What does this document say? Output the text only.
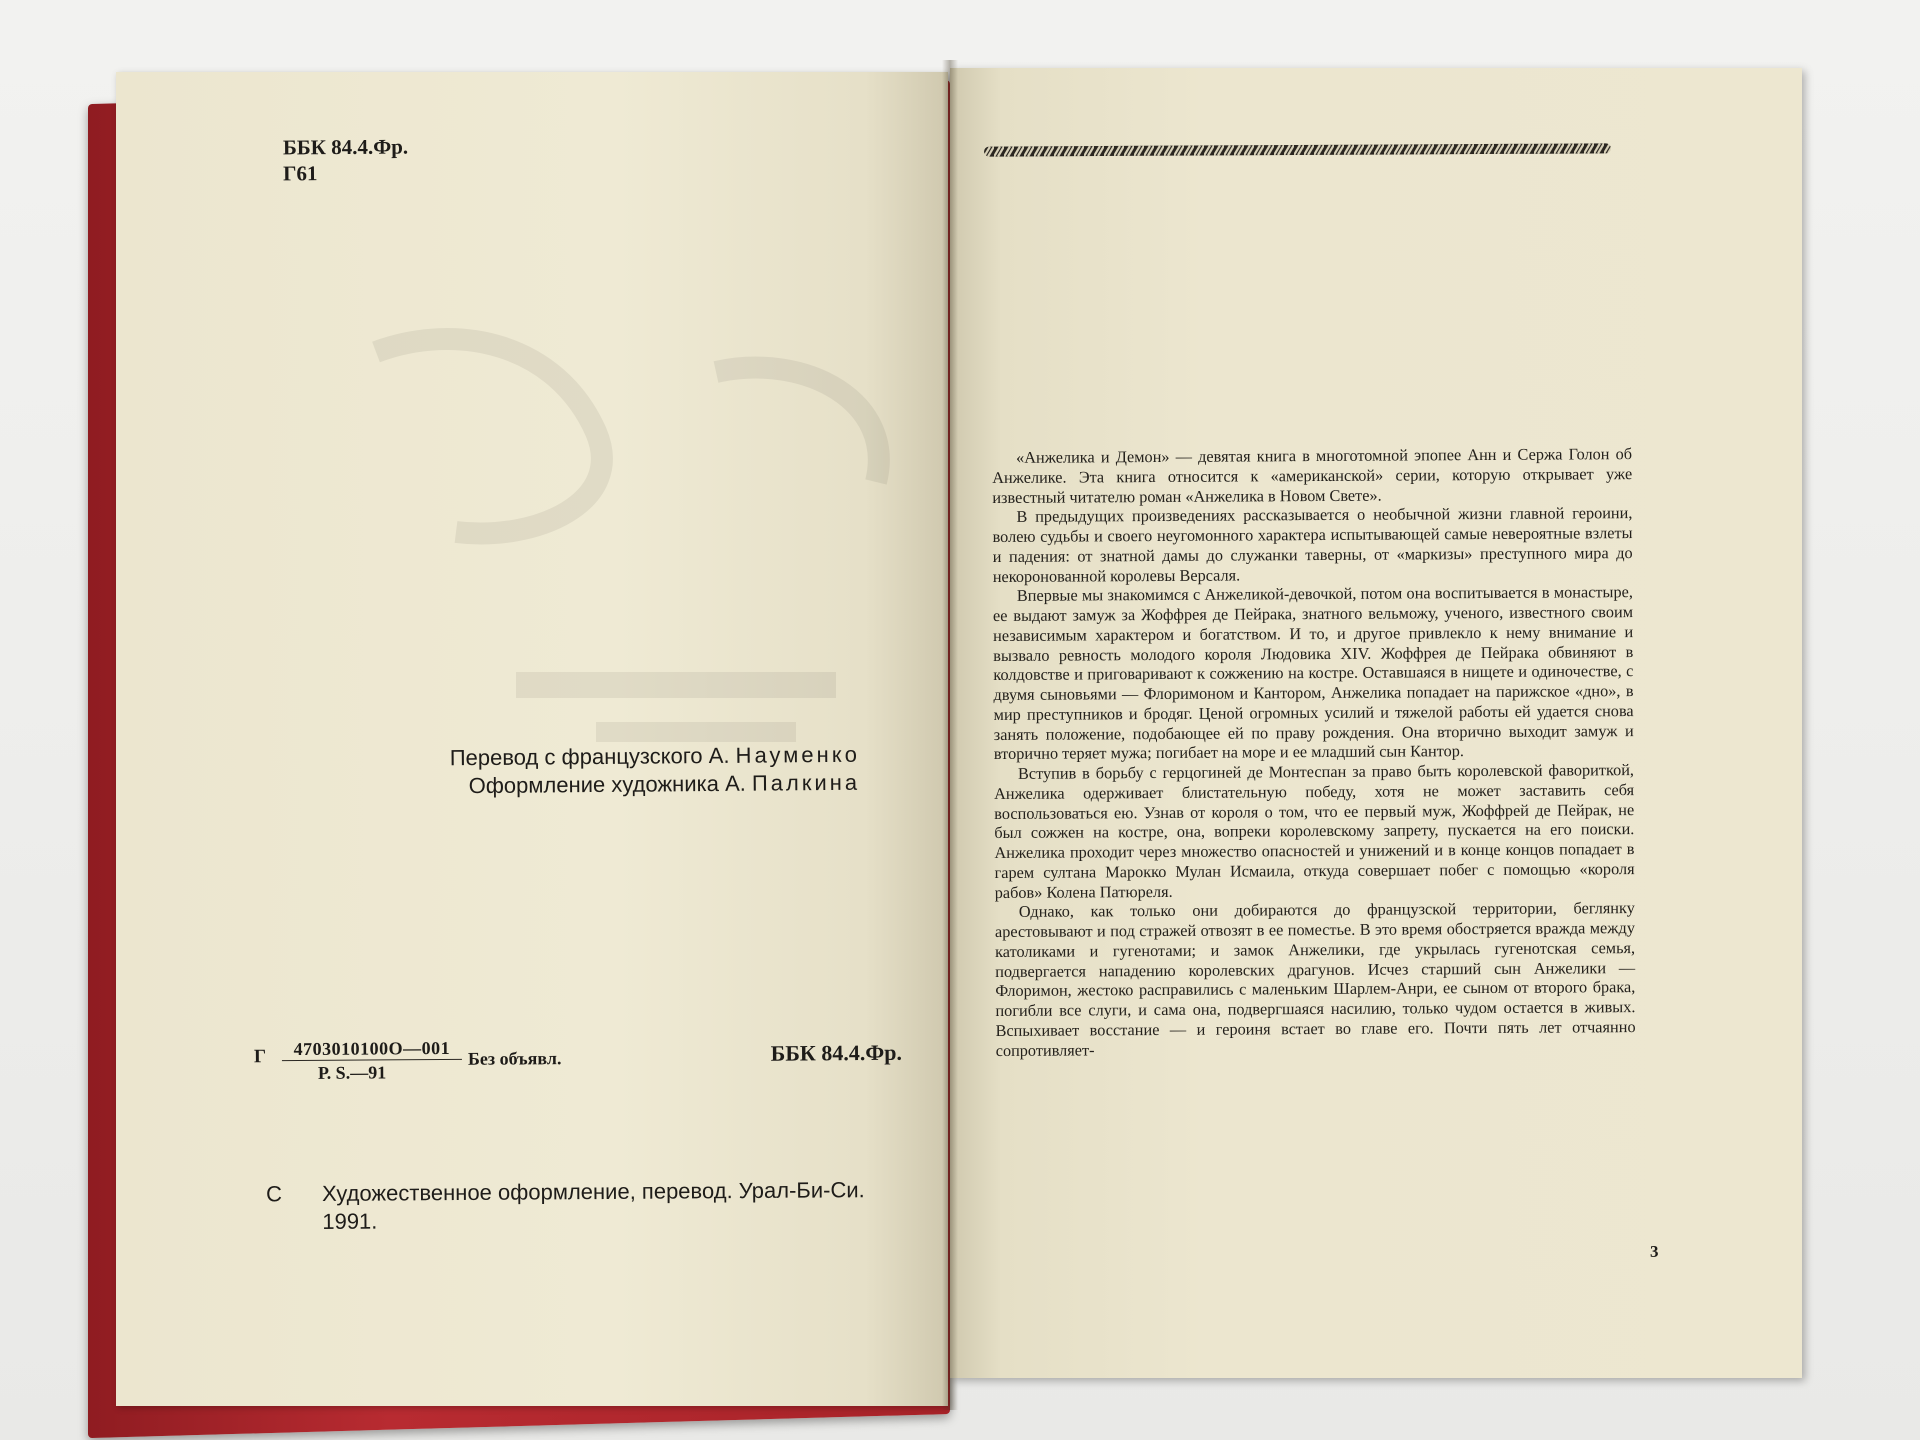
ББК 84.4.Фр.
Г61
Перевод с французского А. Науменко
Оформление художника А. Палкина
Г	4703010100О—001
Р. S.—91
Без объявл.	ББК 84.4.Фр.
С Художественное оформление, перевод. Урал-Би-Си.
1991.

«Анжелика и Демон» — девятая книга в многотомной эпопее Анн и Сержа Голон об Анжелике. Эта книга относится к «американской» серии, которую открывает уже известный читателю роман «Анжелика в Новом Свете».

В предыдущих произведениях рассказывается о необычной жизни главной героини, волею судьбы и своего неугомонного характера испытывающей самые невероятные взлеты и падения: от знатной дамы до служанки таверны, от «маркизы» преступного мира до некоронованной королевы Версаля.

Впервые мы знакомимся с Анжеликой-девочкой, потом она воспитывается в монастыре, ее выдают замуж за Жоффрея де Пейрака, знатного вельможу, ученого, известного своим независимым характером и богатством. И то, и другое привлекло к нему внимание и вызвало ревность молодого короля Людовика XIV. Жоффрея де Пейрака обвиняют в колдовстве и приговаривают к сожжению на костре. Оставшаяся в нищете и одиночестве, с двумя сыновьями — Флоримоном и Кантором, Анжелика попадает на парижское «дно», в мир преступников и бродяг. Ценой огромных усилий и тяжелой работы ей удается снова занять положение, подобающее ей по праву рождения. Она вторично выходит замуж и вторично теряет мужа; погибает на море и ее младший сын Кантор.

Вступив в борьбу с герцогиней де Монтеспан за право быть королевской фавориткой, Анжелика одерживает блистательную победу, хотя не может заставить себя воспользоваться ею. Узнав от короля о том, что ее первый муж, Жоффрей де Пейрак, не был сожжен на костре, она, вопреки королевскому запрету, пускается на его поиски. Анжелика проходит через множество опасностей и унижений и в конце концов попадает в гарем султана Марокко Мулан Исмаила, откуда совершает побег с помощью «короля рабов» Колена Патюреля.

Однако, как только они добираются до французской территории, беглянку арестовывают и под стражей отвозят в ее поместье. В это время обостряется вражда между католиками и гугенотами; и замок Анжелики, где укрылась гугенотская семья, подвергается нападению королевских драгунов. Исчез старший сын Анжелики — Флоримон, жестоко расправились с маленьким Шарлем-Анри, ее сыном от второго брака, погибли все слуги, и сама она, подвергшаяся насилию, только чудом остается в живых. Вспыхивает восстание — и героиня встает во главе его. Почти пять лет отчаянно сопротивляет-

3
